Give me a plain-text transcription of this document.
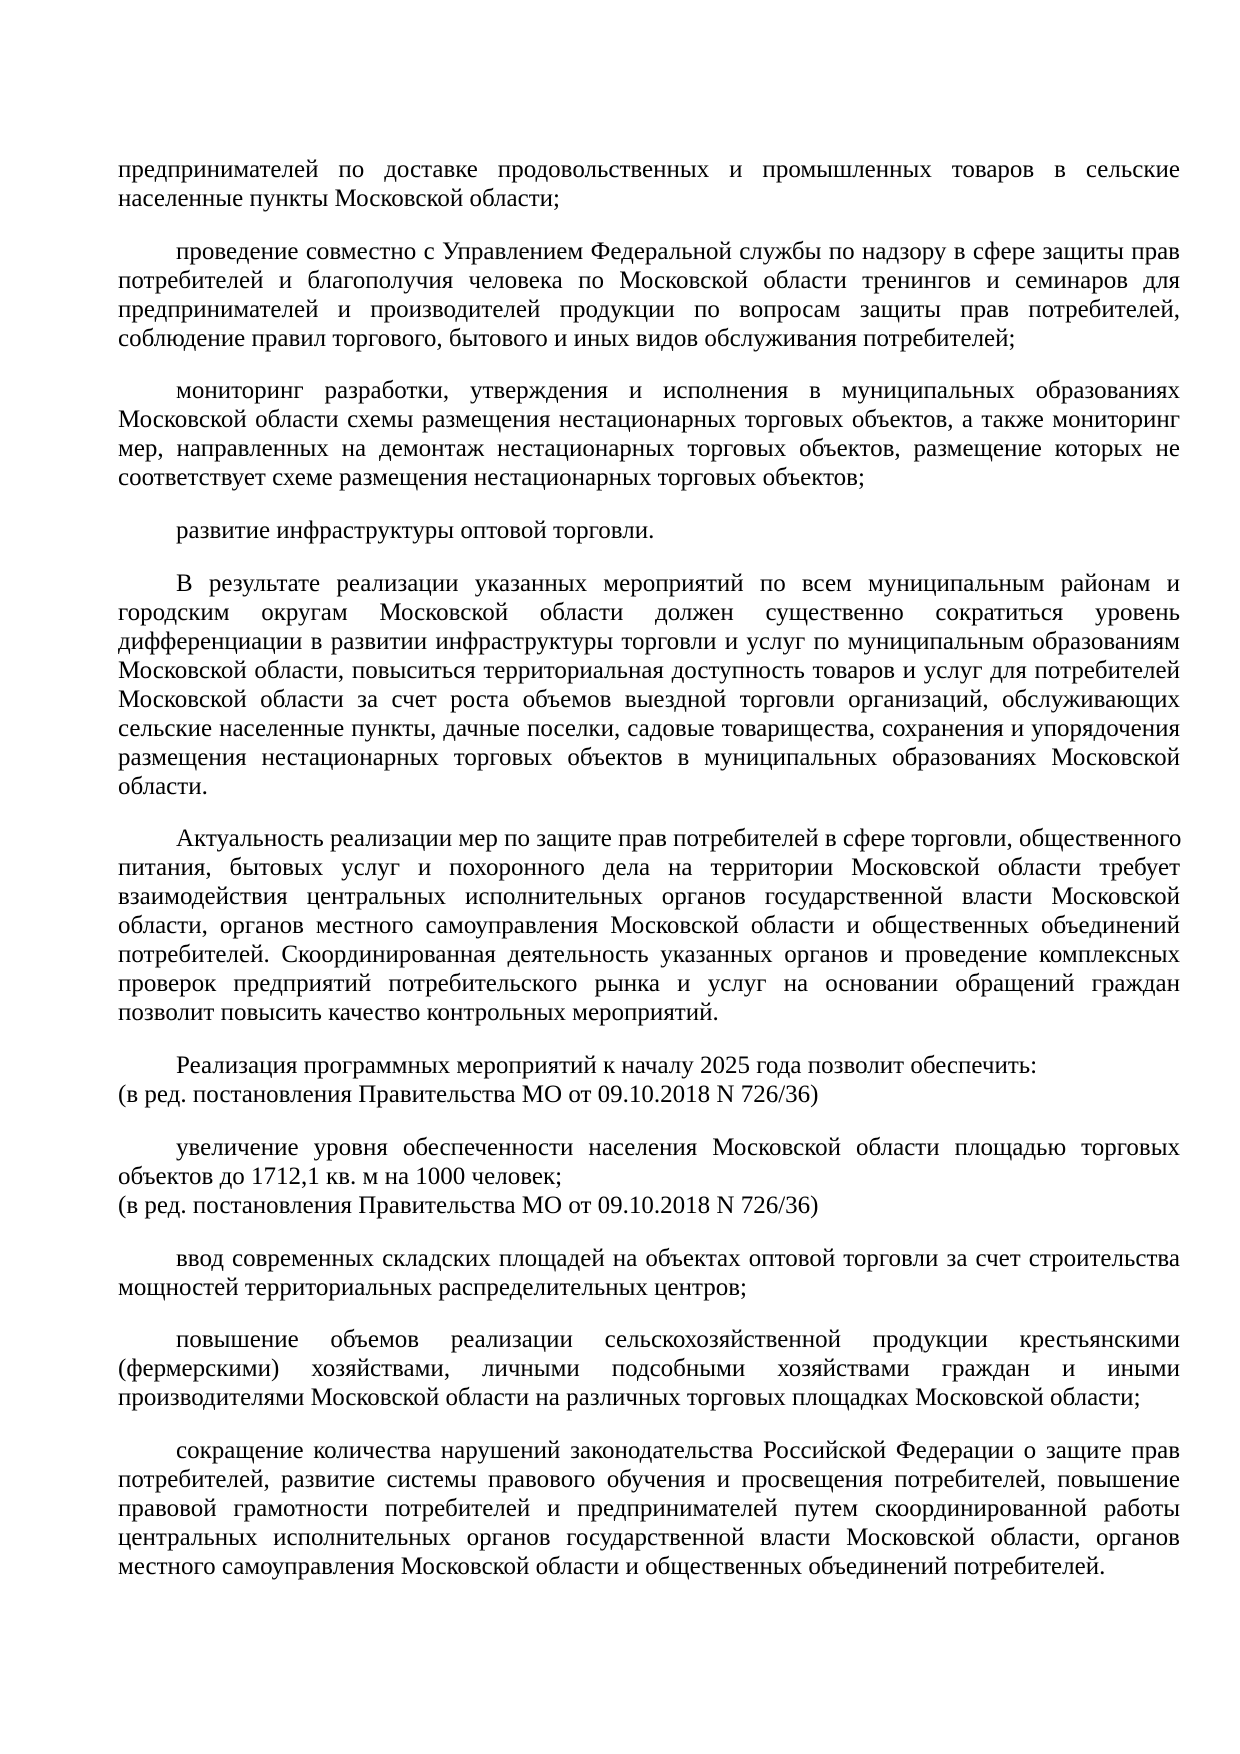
предпринимателей по доставке продовольственных и промышленных товаров в сельские
населенные пункты Московской области;
проведение совместно с Управлением Федеральной службы по надзору в сфере защиты прав
потребителей и благополучия человека по Московской области тренингов и семинаров для
предпринимателей и производителей продукции по вопросам защиты прав потребителей,
соблюдение правил торгового, бытового и иных видов обслуживания потребителей;
мониторинг разработки, утверждения и исполнения в муниципальных образованиях
Московской области схемы размещения нестационарных торговых объектов, а также мониторинг
мер, направленных на демонтаж нестационарных торговых объектов, размещение которых не
соответствует схеме размещения нестационарных торговых объектов;
развитие инфраструктуры оптовой торговли.
В результате реализации указанных мероприятий по всем муниципальным районам и
городским округам Московской области должен существенно сократиться уровень
дифференциации в развитии инфраструктуры торговли и услуг по муниципальным образованиям
Московской области, повыситься территориальная доступность товаров и услуг для потребителей
Московской области за счет роста объемов выездной торговли организаций, обслуживающих
сельские населенные пункты, дачные поселки, садовые товарищества, сохранения и упорядочения
размещения нестационарных торговых объектов в муниципальных образованиях Московской
области.
Актуальность реализации мер по защите прав потребителей в сфере торговли, общественного
питания, бытовых услуг и похоронного дела на территории Московской области требует
взаимодействия центральных исполнительных органов государственной власти Московской
области, органов местного самоуправления Московской области и общественных объединений
потребителей. Скоординированная деятельность указанных органов и проведение комплексных
проверок предприятий потребительского рынка и услуг на основании обращений граждан
позволит повысить качество контрольных мероприятий.
Реализация программных мероприятий к началу 2025 года позволит обеспечить:
(в ред. постановления Правительства МО от 09.10.2018 N 726/36)
увеличение уровня обеспеченности населения Московской области площадью торговых
объектов до 1712,1 кв. м на 1000 человек;
(в ред. постановления Правительства МО от 09.10.2018 N 726/36)
ввод современных складских площадей на объектах оптовой торговли за счет строительства
мощностей территориальных распределительных центров;
повышение объемов реализации сельскохозяйственной продукции крестьянскими
(фермерскими) хозяйствами, личными подсобными хозяйствами граждан и иными
производителями Московской области на различных торговых площадках Московской области;
сокращение количества нарушений законодательства Российской Федерации о защите прав
потребителей, развитие системы правового обучения и просвещения потребителей, повышение
правовой грамотности потребителей и предпринимателей путем скоординированной работы
центральных исполнительных органов государственной власти Московской области, органов
местного самоуправления Московской области и общественных объединений потребителей.
